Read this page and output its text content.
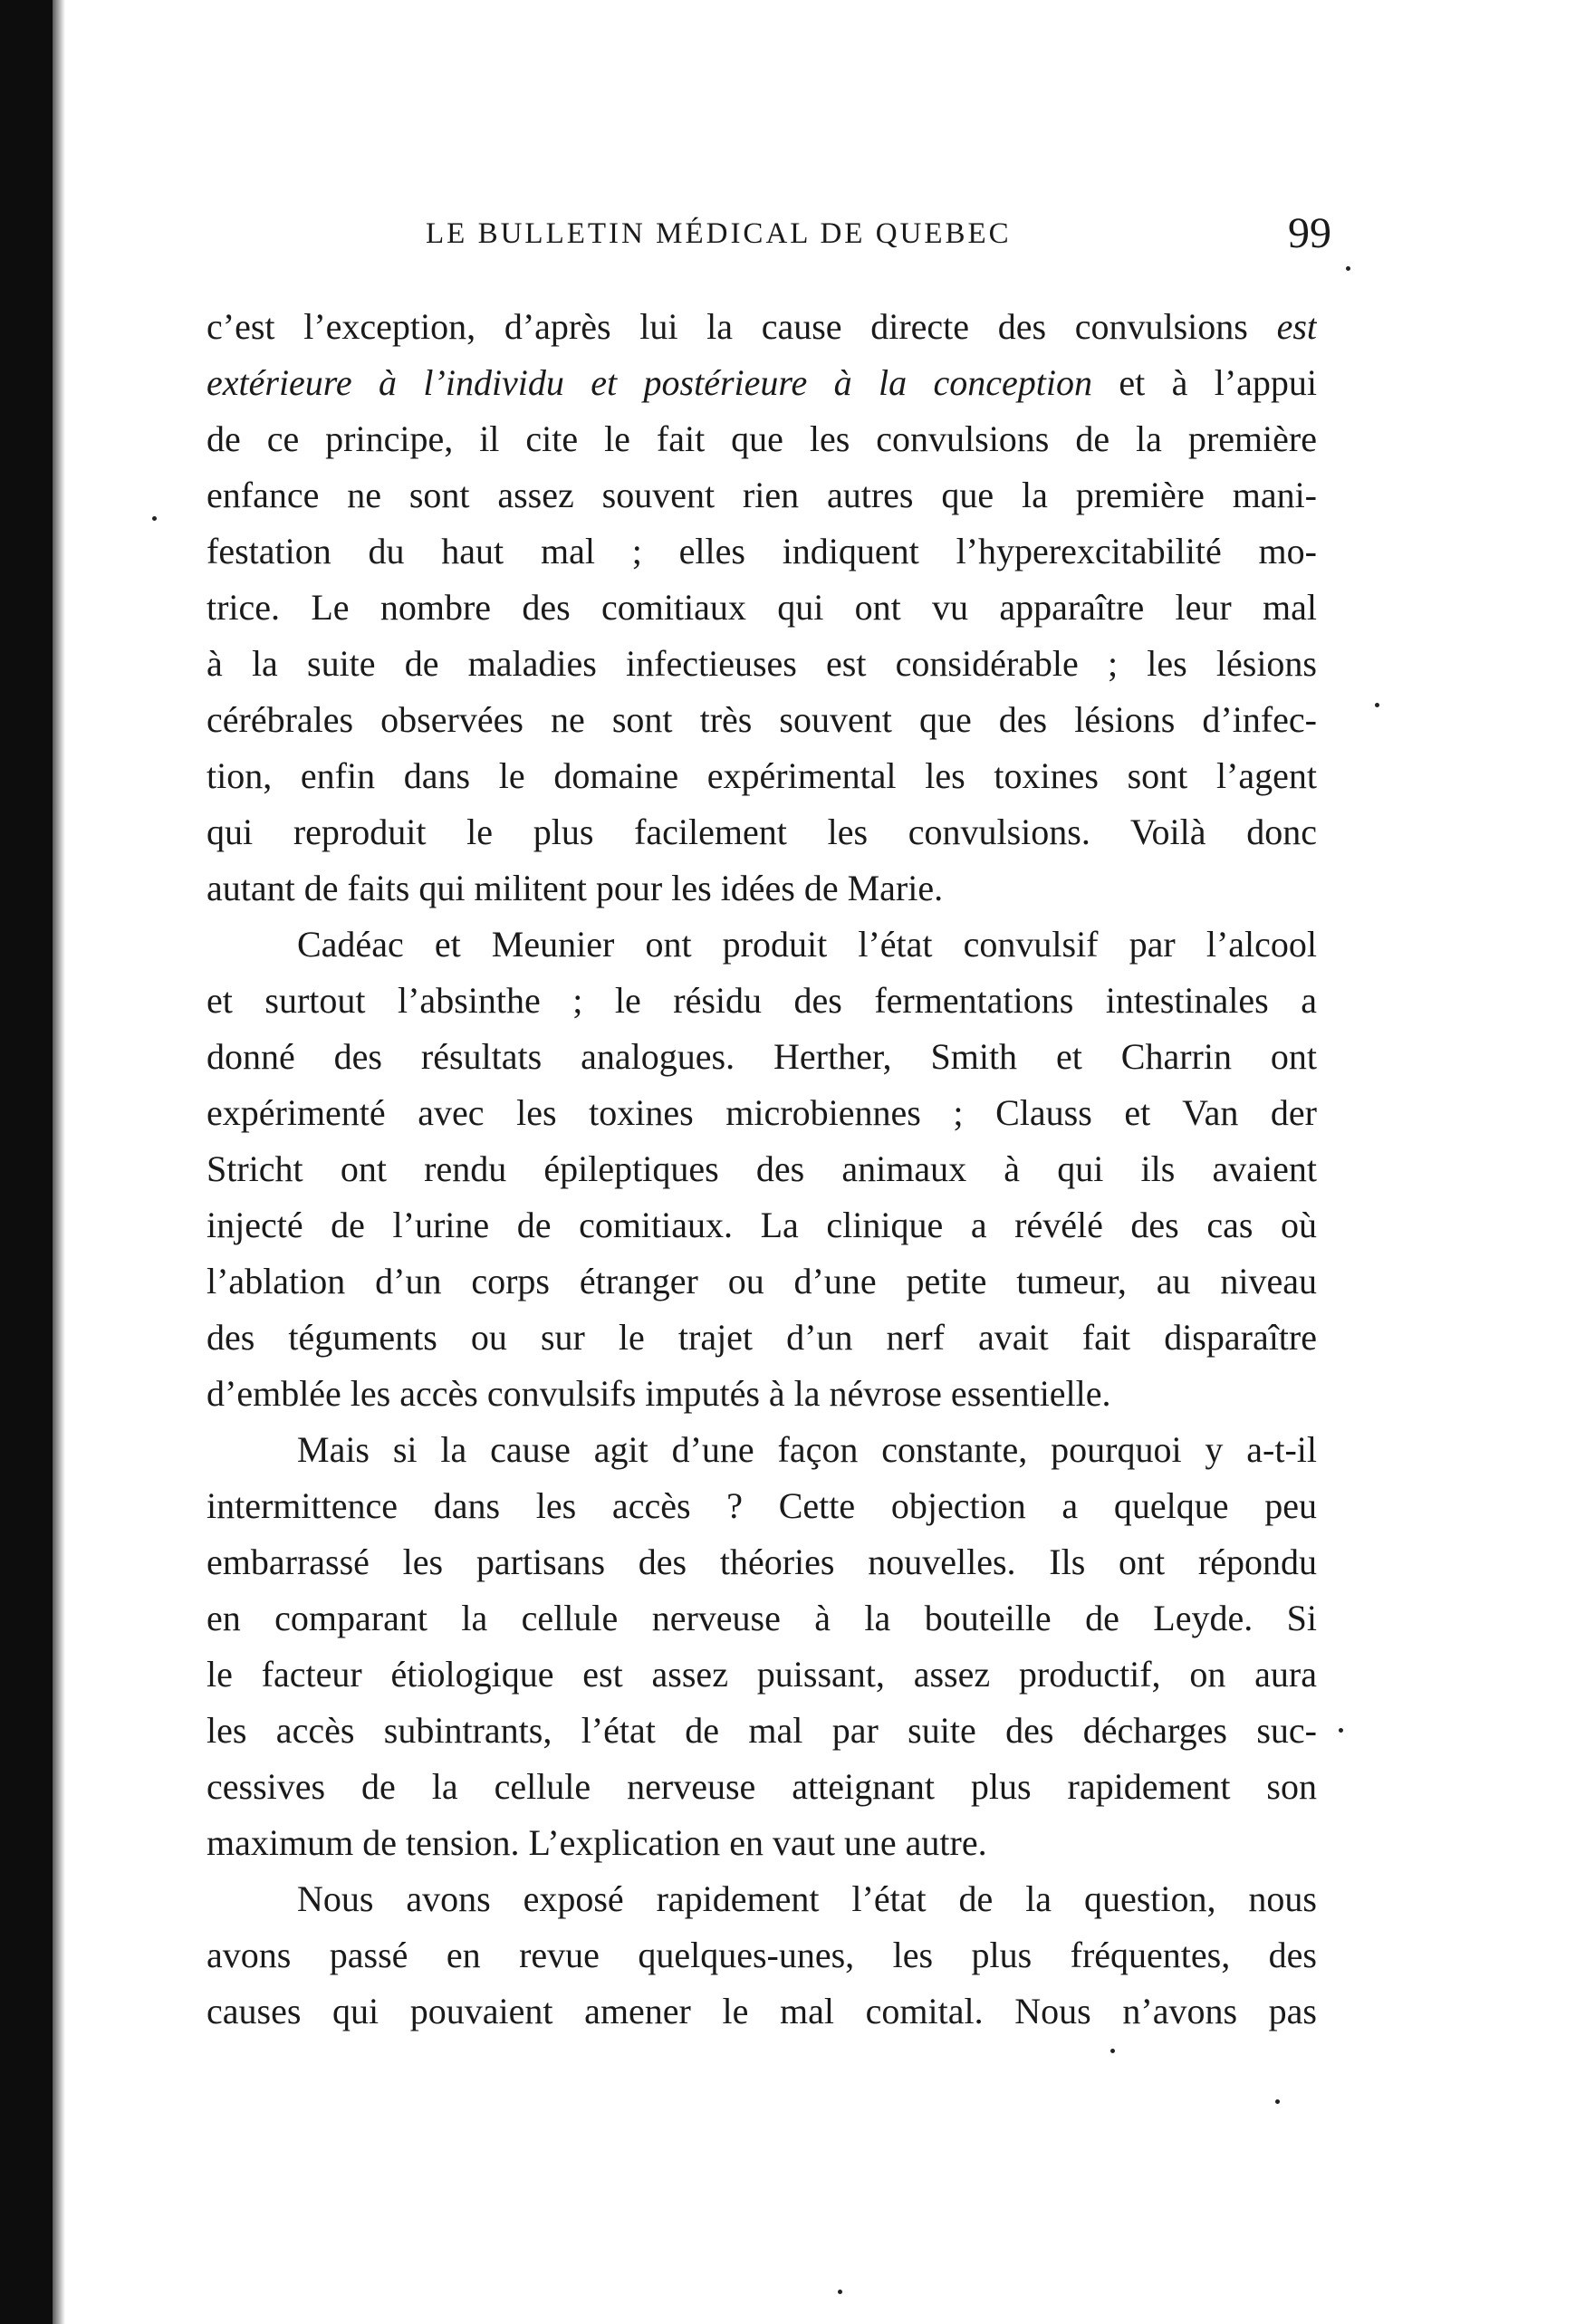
LE BULLETIN MÉDICAL DE QUEBEC	99
c’est l’exception, d’après lui la cause directe des convulsions est
extérieure à l’individu et postérieure à la conception et à l’appui
de ce principe, il cite le fait que les convulsions de la première
enfance ne sont assez souvent rien autres que la première mani-
festation du haut mal ; elles indiquent l’hyperexcitabilité mo-
trice. Le nombre des comitiaux qui ont vu apparaître leur mal
à la suite de maladies infectieuses est considérable ; les lésions
cérébrales observées ne sont très souvent que des lésions d’infec-
tion, enfin dans le domaine expérimental les toxines sont l’agent
qui reproduit le plus facilement les convulsions. Voilà donc
autant de faits qui militent pour les idées de Marie.
Cadéac et Meunier ont produit l’état convulsif par l’alcool
et surtout l’absinthe ; le résidu des fermentations intestinales a
donné des résultats analogues. Herther, Smith et Charrin ont
expérimenté avec les toxines microbiennes ; Clauss et Van der
Stricht ont rendu épileptiques des animaux à qui ils avaient
injecté de l’urine de comitiaux. La clinique a révélé des cas où
l’ablation d’un corps étranger ou d’une petite tumeur, au niveau
des téguments ou sur le trajet d’un nerf avait fait disparaître
d’emblée les accès convulsifs imputés à la névrose essentielle.
Mais si la cause agit d’une façon constante, pourquoi y a-t-il
intermittence dans les accès ? Cette objection a quelque peu
embarrassé les partisans des théories nouvelles. Ils ont répondu
en comparant la cellule nerveuse à la bouteille de Leyde. Si
le facteur étiologique est assez puissant, assez productif, on aura
les accès subintrants, l’état de mal par suite des décharges suc-
cessives de la cellule nerveuse atteignant plus rapidement son
maximum de tension. L’explication en vaut une autre.
Nous avons exposé rapidement l’état de la question, nous
avons passé en revue quelques-unes, les plus fréquentes, des
causes qui pouvaient amener le mal comital. Nous n’avons pas
